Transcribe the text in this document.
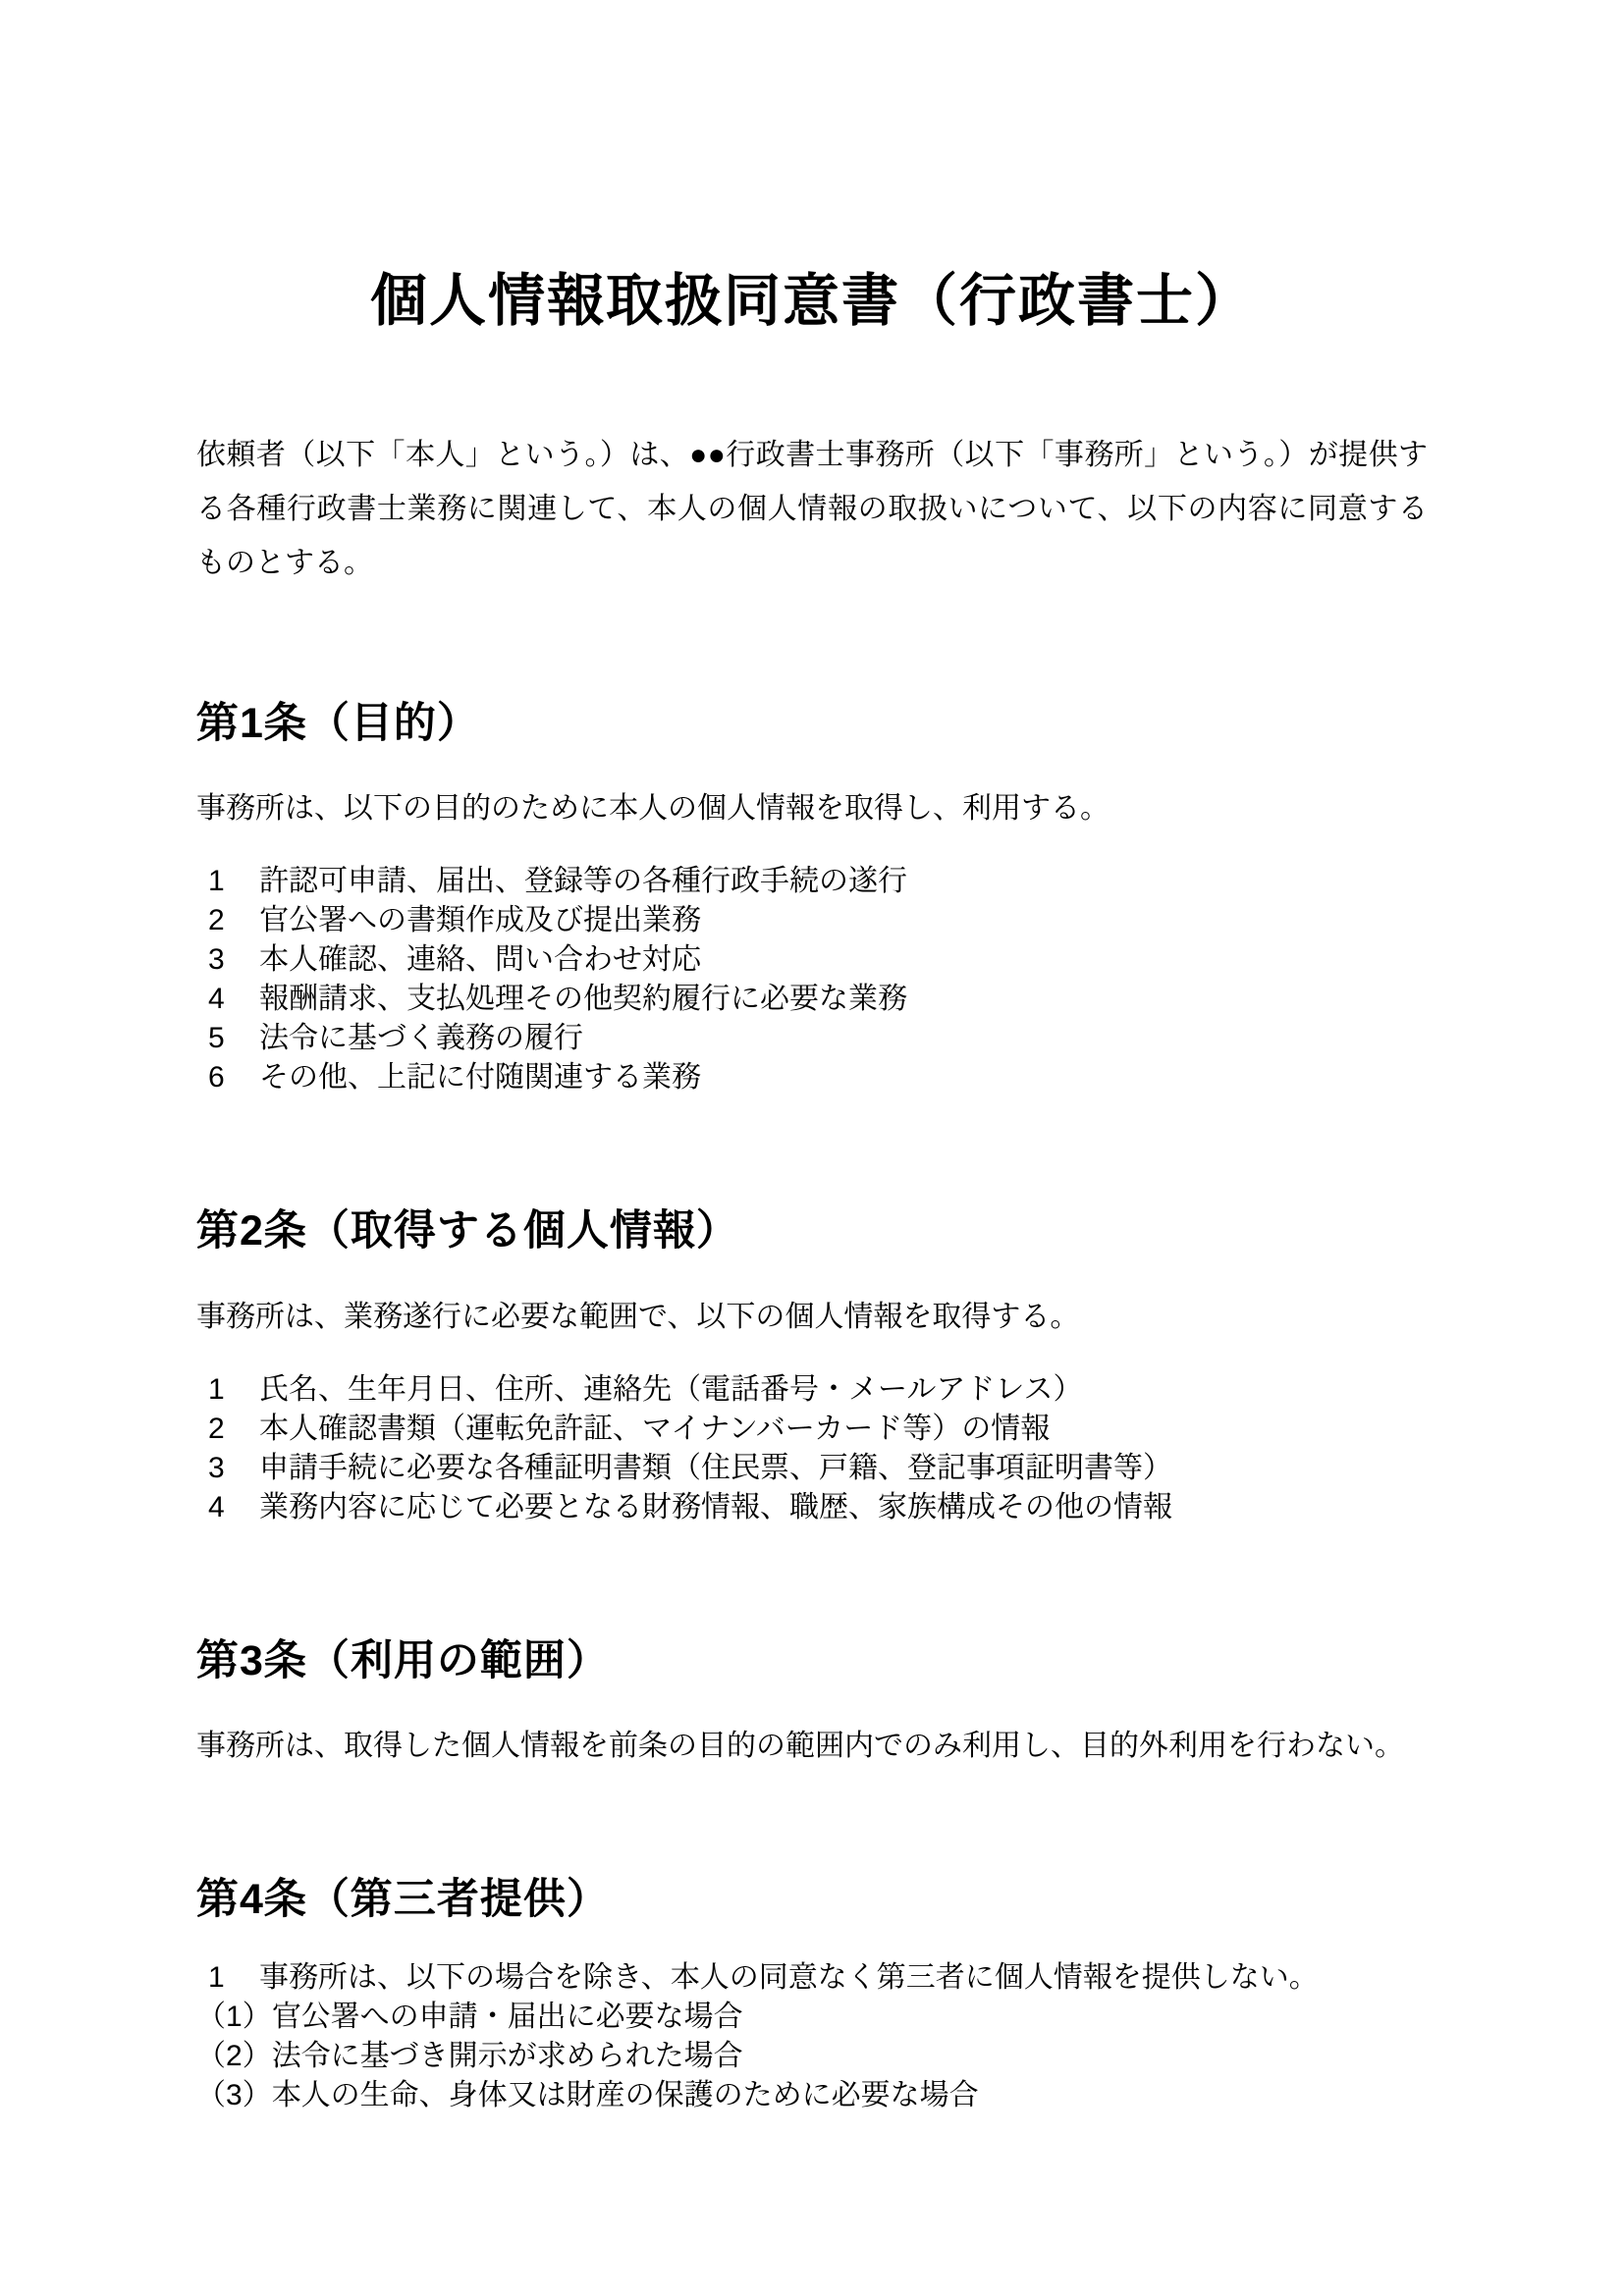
個人情報取扱同意書（行政書士）

依頼者（以下「本人」という。）は、●●行政書士事務所（以下「事務所」という。）が提供する各種行政書士業務に関連して、本人の個人情報の取扱いについて、以下の内容に同意するものとする。

第1条（目的）

事務所は、以下の目的のために本人の個人情報を取得し、利用する。

1	許認可申請、届出、登録等の各種行政手続の遂行
2	官公署への書類作成及び提出業務
3	本人確認、連絡、問い合わせ対応
4	報酬請求、支払処理その他契約履行に必要な業務
5	法令に基づく義務の履行
6	その他、上記に付随関連する業務
第2条（取得する個人情報）

事務所は、業務遂行に必要な範囲で、以下の個人情報を取得する。

1	氏名、生年月日、住所、連絡先（電話番号・メールアドレス）
2	本人確認書類（運転免許証、マイナンバーカード等）の情報
3	申請手続に必要な各種証明書類（住民票、戸籍、登記事項証明書等）
4	業務内容に応じて必要となる財務情報、職歴、家族構成その他の情報
第3条（利用の範囲）

事務所は、取得した個人情報を前条の目的の範囲内でのみ利用し、目的外利用を行わない。

第4条（第三者提供）
1	事務所は、以下の場合を除き、本人の同意なく第三者に個人情報を提供しない。
（1） 官公署への申請・届出に必要な場合
（2） 法令に基づき開示が求められた場合
（3） 本人の生命、身体又は財産の保護のために必要な場合
